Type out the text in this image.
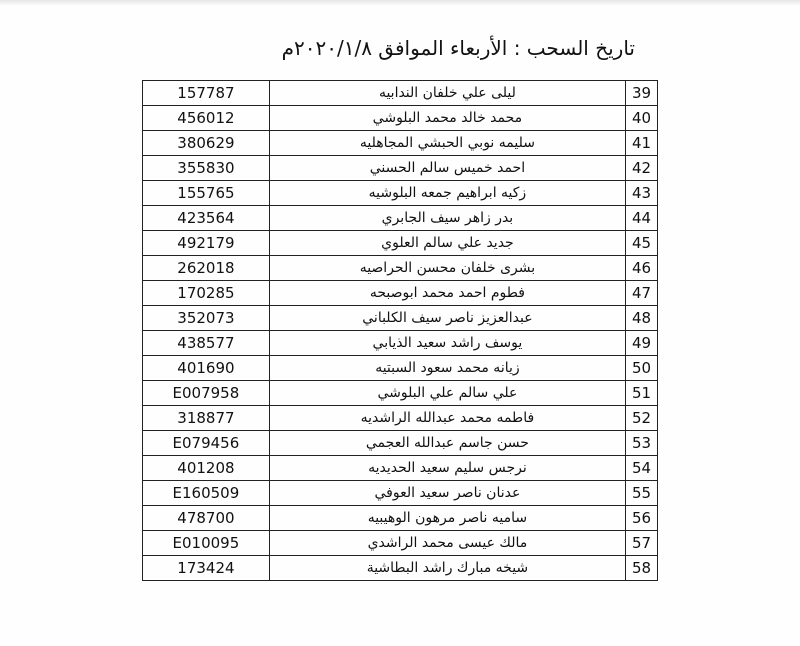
تاريخ السحب : الأربعاء الموافق ٢٠٢٠/١/٨م
157787	ليلى علي خلفان الندابيه	39
456012	محمد خالد محمد البلوشي	40
380629	سليمه نوبي الحبشي المجاهليه	41
355830	احمد خميس سالم الحسني	42
155765	زكيه ابراهيم جمعه البلوشيه	43
423564	بدر زاهر سيف الجابري	44
492179	جديد علي سالم العلوي	45
262018	بشرى خلفان محسن الحراصيه	46
170285	فطوم احمد محمد ابوصبحه	47
352073	عبدالعزيز ناصر سيف الكلباني	48
438577	يوسف راشد سعيد الذيابي	49
401690	زيانه محمد سعود السبتيه	50
E007958	علي سالم علي البلوشي	51
318877	فاطمه محمد عبدالله الراشديه	52
E079456	حسن جاسم عبدالله العجمي	53
401208	نرجس سليم سعيد الحديديه	54
E160509	عدنان ناصر سعيد العوفي	55
478700	ساميه ناصر مرهون الوهيبيه	56
E010095	مالك عيسى محمد الراشدي	57
173424	شيخه مبارك راشد البطاشية	58
